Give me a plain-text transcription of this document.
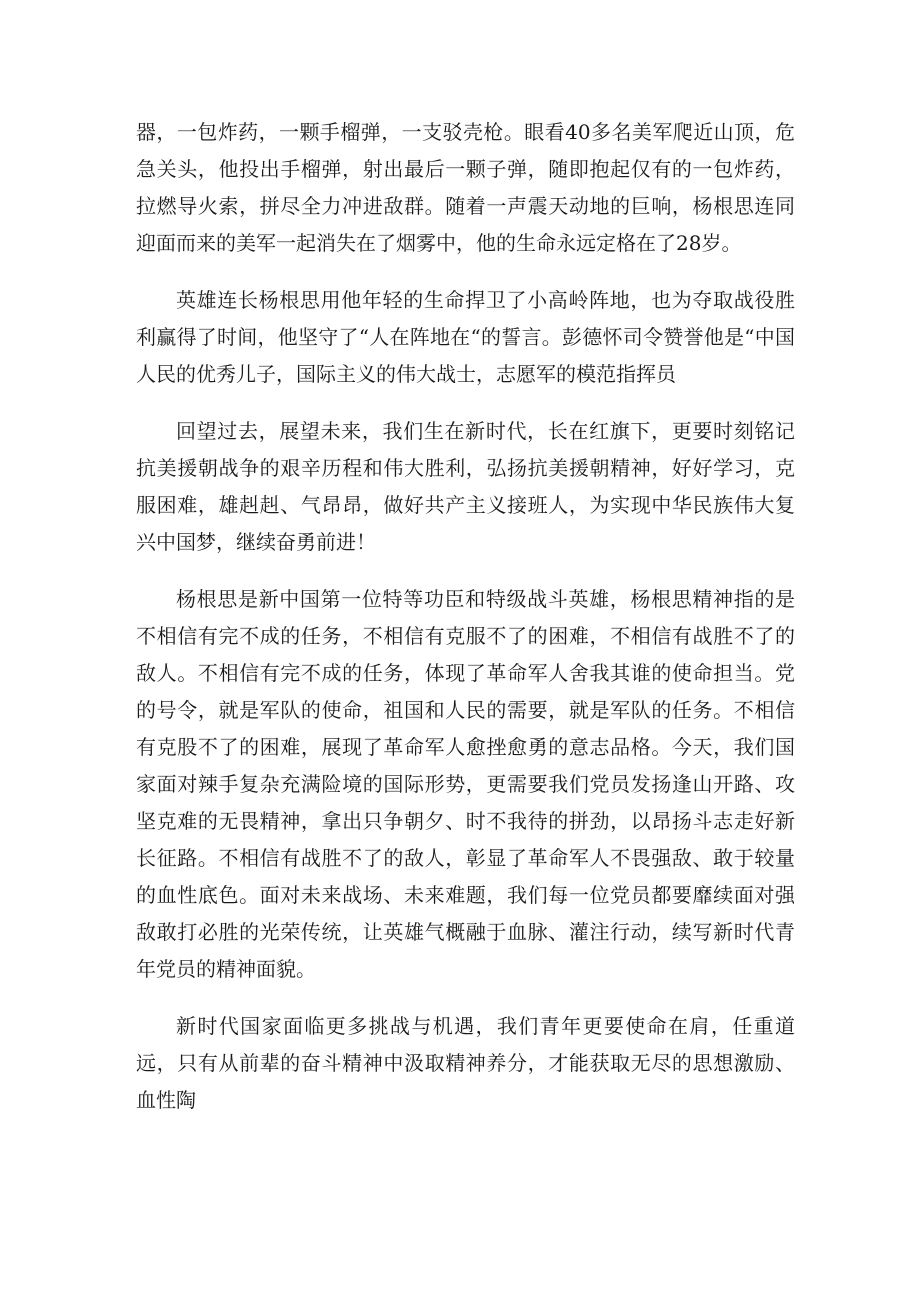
器，一包炸药，一颗手榴弹，一支驳壳枪。眼看40多名美军爬近山顶，危急关头，他投出手榴弹，射出最后一颗子弹，随即抱起仅有的一包炸药，拉燃导火索，拼尽全力冲进敌群。随着一声震天动地的巨响，杨根思连同迎面而来的美军一起消失在了烟雾中，他的生命永远定格在了28岁。

英雄连长杨根思用他年轻的生命捍卫了小高岭阵地，也为夺取战役胜利赢得了时间，他坚守了“人在阵地在“的誓言。彭德怀司令赞誉他是“中国人民的优秀儿子，国际主义的伟大战士，志愿军的模范指挥员

回望过去，展望未来，我们生在新时代，长在红旗下，更要时刻铭记抗美援朝战争的艰辛历程和伟大胜利，弘扬抗美援朝精神，好好学习，克服困难，雄赳赳、气昂昂，做好共产主义接班人，为实现中华民族伟大复兴中国梦，继续奋勇前进！

杨根思是新中国第一位特等功臣和特级战斗英雄，杨根思精神指的是不相信有完不成的任务，不相信有克服不了的困难，不相信有战胜不了的敌人。不相信有完不成的任务，体现了革命军人舍我其谁的使命担当。党的号令，就是军队的使命，祖国和人民的需要，就是军队的任务。不相信有克股不了的困难，展现了革命军人愈挫愈勇的意志品格。今天，我们国家面对辣手复杂充满险境的国际形势，更需要我们党员发扬逢山开路、攻坚克难的无畏精神，拿出只争朝夕、时不我待的拼劲，以昂扬斗志走好新长征路。不相信有战胜不了的敌人，彰显了革命军人不畏强敌、敢于较量的血性底色。面对未来战场、未来难题，我们每一位党员都要靡续面对强敌敢打必胜的光荣传统，让英雄气概融于血脉、灌注行动，续写新时代青年党员的精神面貌。

新时代国家面临更多挑战与机遇，我们青年更要使命在肩，任重道远，只有从前辈的奋斗精神中汲取精神养分，才能获取无尽的思想激励、血性陶
